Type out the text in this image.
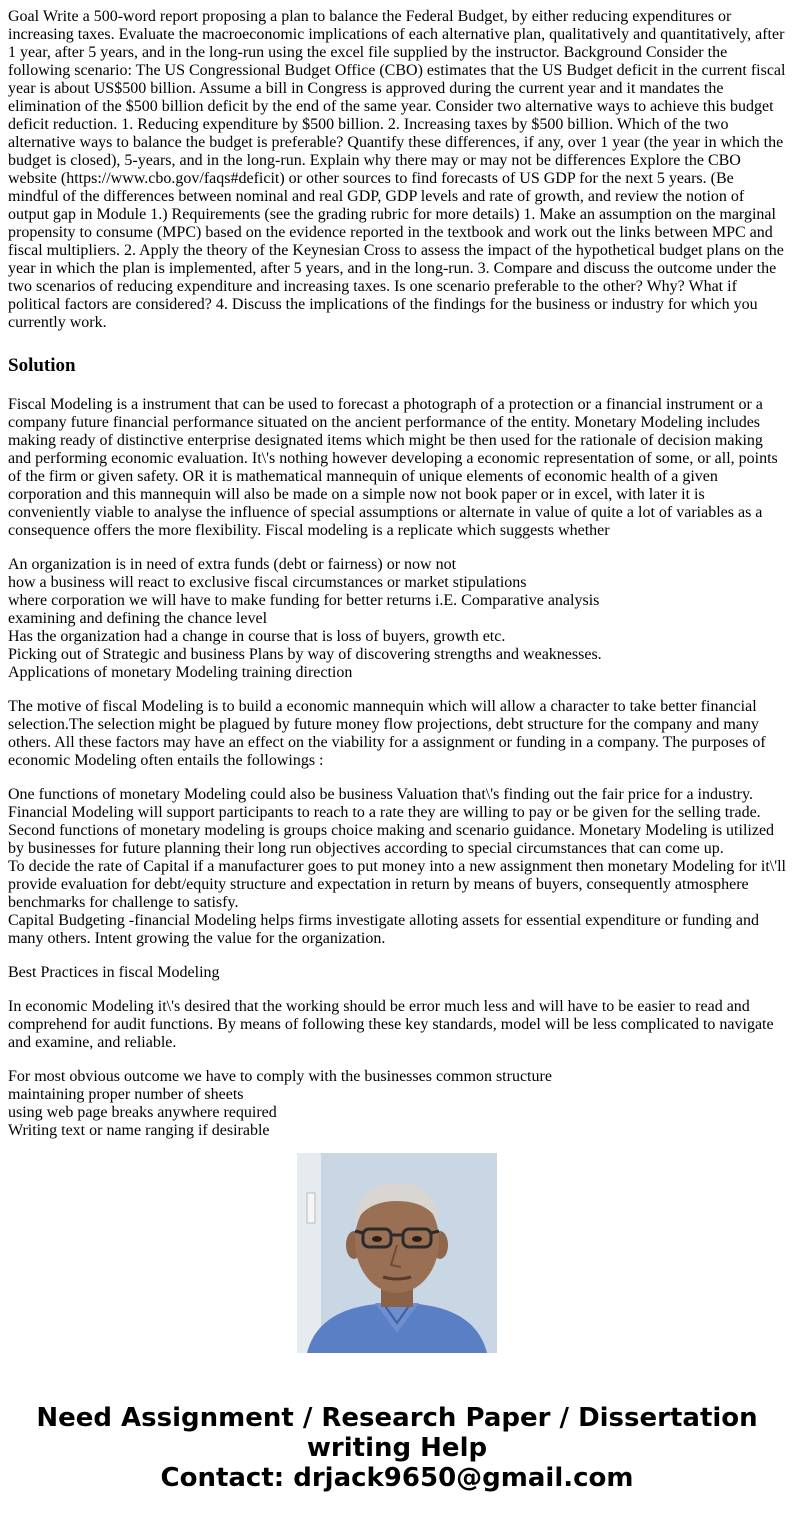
Goal Write a 500-word report proposing a plan to balance the Federal Budget, by either reducing expenditures or increasing taxes. Evaluate the macroeconomic implications of each alternative plan, qualitatively and quantitatively, after 1 year, after 5 years, and in the long-run using the excel file supplied by the instructor. Background Consider the following scenario: The US Congressional Budget Office (CBO) estimates that the US Budget deficit in the current fiscal year is about US$500 billion. Assume a bill in Congress is approved during the current year and it mandates the elimination of the $500 billion deficit by the end of the same year. Consider two alternative ways to achieve this budget deficit reduction. 1. Reducing expenditure by $500 billion. 2. Increasing taxes by $500 billion. Which of the two alternative ways to balance the budget is preferable? Quantify these differences, if any, over 1 year (the year in which the budget is closed), 5-years, and in the long-run. Explain why there may or may not be differences Explore the CBO website (https://www.cbo.gov/faqs#deficit) or other sources to find forecasts of US GDP for the next 5 years. (Be mindful of the differences between nominal and real GDP, GDP levels and rate of growth, and review the notion of output gap in Module 1.) Requirements (see the grading rubric for more details) 1. Make an assumption on the marginal propensity to consume (MPC) based on the evidence reported in the textbook and work out the links between MPC and fiscal multipliers. 2. Apply the theory of the Keynesian Cross to assess the impact of the hypothetical budget plans on the year in which the plan is implemented, after 5 years, and in the long-run. 3. Compare and discuss the outcome under the two scenarios of reducing expenditure and increasing taxes. Is one scenario preferable to the other? Why? What if political factors are considered? 4. Discuss the implications of the findings for the business or industry for which you currently work.

Solution

Fiscal Modeling is a instrument that can be used to forecast a photograph of a protection or a financial instrument or a company future financial performance situated on the ancient performance of the entity. Monetary Modeling includes making ready of distinctive enterprise designated items which might be then used for the rationale of decision making and performing economic evaluation. It\'s nothing however developing a economic representation of some, or all, points of the firm or given safety. OR it is mathematical mannequin of unique elements of economic health of a given corporation and this mannequin will also be made on a simple now not book paper or in excel, with later it is conveniently viable to analyse the influence of special assumptions or alternate in value of quite a lot of variables as a consequence offers the more flexibility. Fiscal modeling is a replicate which suggests whether

An organization is in need of extra funds (debt or fairness) or now not
how a business will react to exclusive fiscal circumstances or market stipulations
where corporation we will have to make funding for better returns i.E. Comparative analysis
examining and defining the chance level
Has the organization had a change in course that is loss of buyers, growth etc.
Picking out of Strategic and business Plans by way of discovering strengths and weaknesses.
Applications of monetary Modeling training direction

The motive of fiscal Modeling is to build a economic mannequin which will allow a character to take better financial selection.The selection might be plagued by future money flow projections, debt structure for the company and many others. All these factors may have an effect on the viability for a assignment or funding in a company. The purposes of economic Modeling often entails the followings :

One functions of monetary Modeling could also be business Valuation that\'s finding out the fair price for a industry. Financial Modeling will support participants to reach to a rate they are willing to pay or be given for the selling trade.
Second functions of monetary modeling is groups choice making and scenario guidance. Monetary Modeling is utilized by businesses for future planning their long run objectives according to special circumstances that can come up.
To decide the rate of Capital if a manufacturer goes to put money into a new assignment then monetary Modeling for it\'ll provide evaluation for debt/equity structure and expectation in return by means of buyers, consequently atmosphere benchmarks for challenge to satisfy.
Capital Budgeting -financial Modeling helps firms investigate alloting assets for essential expenditure or funding and many others. Intent growing the value for the organization.

Best Practices in fiscal Modeling

In economic Modeling it\'s desired that the working should be error much less and will have to be easier to read and comprehend for audit functions. By means of following these key standards, model will be less complicated to navigate and examine, and reliable.

For most obvious outcome we have to comply with the businesses common structure
maintaining proper number of sheets
using web page breaks anywhere required
Writing text or name ranging if desirable

Need Assignment / Research Paper / Dissertation
writing Help
Contact: drjack9650@gmail.com
